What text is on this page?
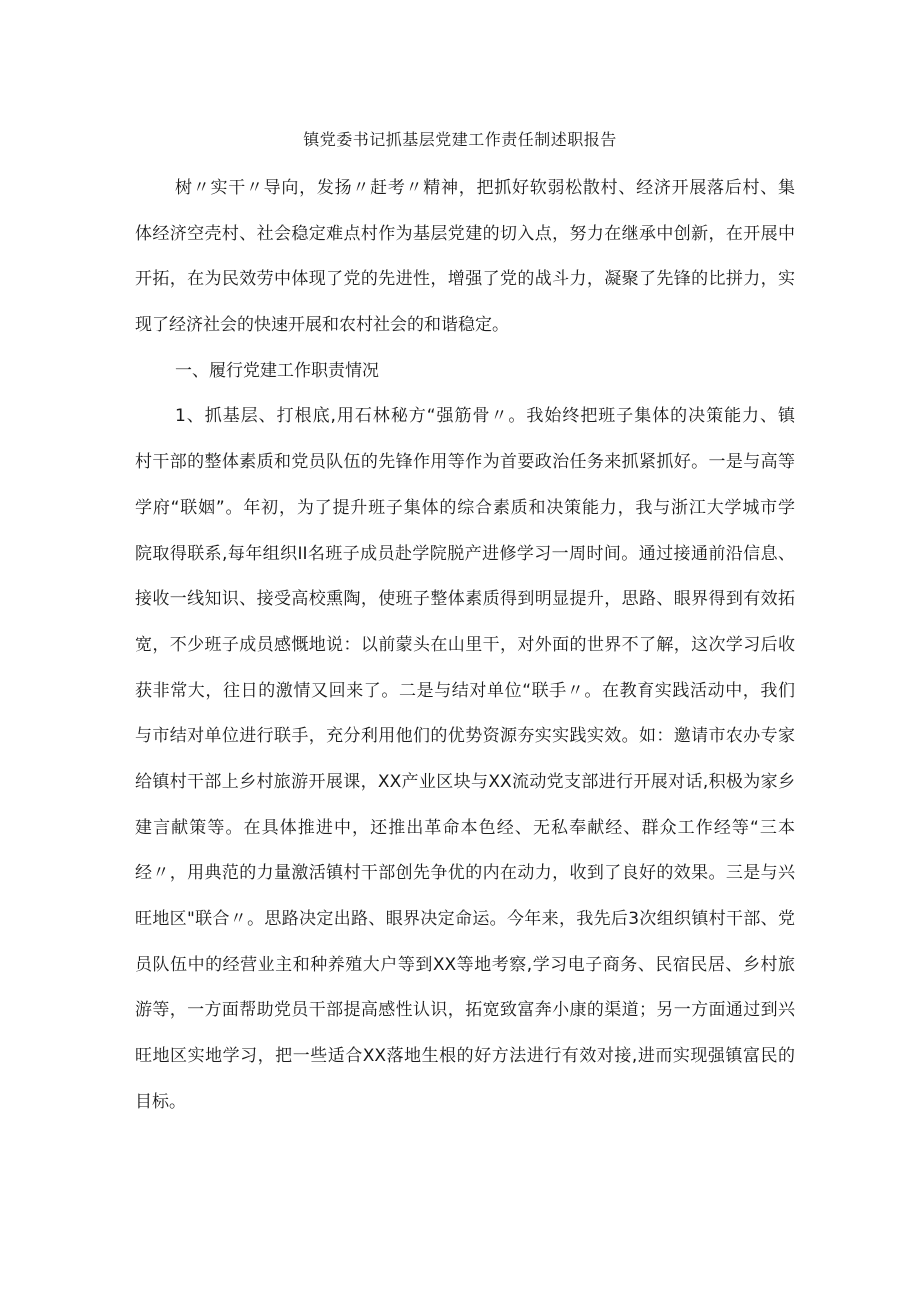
镇党委书记抓基层党建工作责任制述职报告
树〃实干〃导向，发扬〃赶考〃精神，把抓好软弱松散村、经济开展落后村、集
体经济空壳村、社会稳定难点村作为基层党建的切入点，努力在继承中创新，在开展中
开拓，在为民效劳中体现了党的先进性，增强了党的战斗力，凝聚了先锋的比拼力，实
现了经济社会的快速开展和农村社会的和谐稳定。
一、履行党建工作职责情况
1、抓基层、打根底,用石林秘方“强筋骨〃。我始终把班子集体的决策能力、镇
村干部的整体素质和党员队伍的先锋作用等作为首要政治任务来抓紧抓好。一是与高等
学府“联姻”。年初，为了提升班子集体的综合素质和决策能力，我与浙江大学城市学
院取得联系,每年组织II名班子成员赴学院脱产进修学习一周时间。通过接通前沿信息、
接收一线知识、接受高校熏陶，使班子整体素质得到明显提升，思路、眼界得到有效拓
宽，不少班子成员感慨地说：以前蒙头在山里干，对外面的世界不了解，这次学习后收
获非常大，往日的激情又回来了。二是与结对单位“联手〃。在教育实践活动中，我们
与市结对单位进行联手，充分利用他们的优势资源夯实实践实效。如：邀请市农办专家
给镇村干部上乡村旅游开展课，XX产业区块与XX流动党支部进行开展对话,积极为家乡
建言献策等。在具体推进中，还推出革命本色经、无私奉献经、群众工作经等“三本
经〃，用典范的力量激活镇村干部创先争优的内在动力，收到了良好的效果。三是与兴
旺地区"联合〃。思路决定出路、眼界决定命运。今年来，我先后3次组织镇村干部、党
员队伍中的经营业主和种养殖大户等到XX等地考察,学习电子商务、民宿民居、乡村旅
游等，一方面帮助党员干部提高感性认识，拓宽致富奔小康的渠道；另一方面通过到兴
旺地区实地学习，把一些适合XX落地生根的好方法进行有效对接,进而实现强镇富民的
目标。
